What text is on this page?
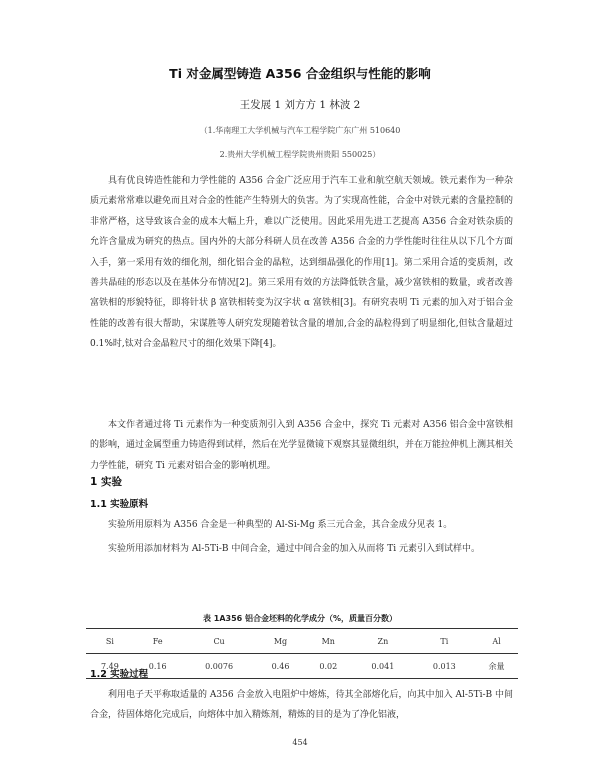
Ti 对金属型铸造 A356 合金组织与性能的影响
王发展 1 刘方方 1 林波 2
（1.华南理工大学机械与汽车工程学院广东广州 510640
2.贵州大学机械工程学院贵州贵阳 550025）

具有优良铸造性能和力学性能的 A356 合金广泛应用于汽车工业和航空航天领域。铁元素作为一种杂质元素常常难以避免而且对合金的性能产生特别大的负害。为了实现高性能，合金中对铁元素的含量控制的非常严格，这导致该合金的成本大幅上升，难以广泛使用。因此采用先进工艺提高 A356 合金对铁杂质的允许含量成为研究的热点。国内外的大部分科研人员在改善 A356 合金的力学性能时往往从以下几个方面入手，第一采用有效的细化剂，细化铝合金的晶粒，达到细晶强化的作用[1]。第二采用合适的变质剂，改善共晶硅的形态以及在基体分布情况[2]。第三采用有效的方法降低铁含量，减少富铁相的数量，或者改善富铁相的形貌特征，即将针状 β 富铁相转变为汉字状 α 富铁相[3]。有研究表明 Ti 元素的加入对于铝合金性能的改善有很大帮助，宋谋胜等人研究发现随着钛含量的增加,合金的晶粒得到了明显细化,但钛含量超过 0.1%时,钛对合金晶粒尺寸的细化效果下降[4]。

本文作者通过将 Ti 元素作为一种变质剂引入到 A356 合金中，探究 Ti 元素对 A356 铝合金中富铁相的影响，通过金属型重力铸造得到试样，然后在光学显微镜下观察其显微组织，并在万能拉伸机上测其相关力学性能，研究 Ti 元素对铝合金的影响机理。

1 实验
1.1 实验原料

实验所用原料为 A356 合金是一种典型的 Al-Si-Mg 系三元合金，其合金成分见表 1。

实验所用添加材料为 Al-5Ti-B 中间合金，通过中间合金的加入从而将 Ti 元素引入到试样中。

表 1A356 铝合金坯料的化学成分（%，质量百分数）
Si	Fe	Cu	Mg	Mn	Zn	Ti	Al
7.49	0.16	0.0076	0.46	0.02	0.041	0.013	余量
1.2 实验过程

利用电子天平称取适量的 A356 合金放入电阻炉中熔炼，待其全部熔化后，向其中加入 Al-5Ti-B 中间合金，待固体熔化完成后，向熔体中加入精炼剂，精炼的目的是为了净化铝液，

454
